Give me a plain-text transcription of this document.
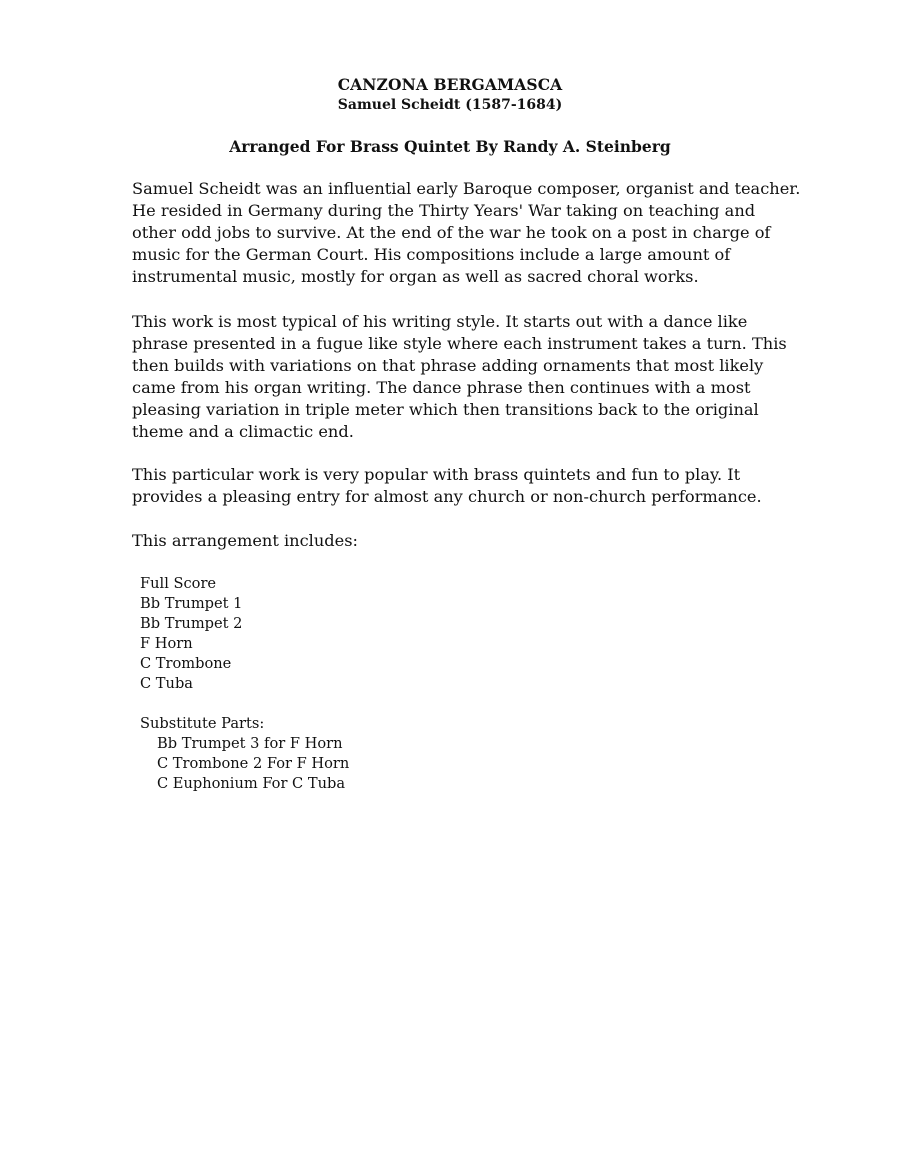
CANZONA BERGAMASCA
Samuel Scheidt (1587-1684)
Arranged For Brass Quintet By Randy A. Steinberg
Samuel Scheidt was an influential early Baroque composer, organist and teacher.
He resided in Germany during the Thirty Years' War taking on teaching and
other odd jobs to survive. At the end of the war he took on a post in charge of
music for the German Court. His compositions include a large amount of
instrumental music, mostly for organ as well as sacred choral works.
This work is most typical of his writing style. It starts out with a dance like
phrase presented in a fugue like style where each instrument takes a turn. This
then builds with variations on that phrase adding ornaments that most likely
came from his organ writing. The dance phrase then continues with a most
pleasing variation in triple meter which then transitions back to the original
theme and a climactic end.
This particular work is very popular with brass quintets and fun to play. It
provides a pleasing entry for almost any church or non-church performance.
This arrangement includes:
Full Score
Bb Trumpet 1
Bb Trumpet 2
F Horn
C Trombone
C Tuba
Substitute Parts:
Bb Trumpet 3 for F Horn
C Trombone 2 For F Horn
C Euphonium For C Tuba
